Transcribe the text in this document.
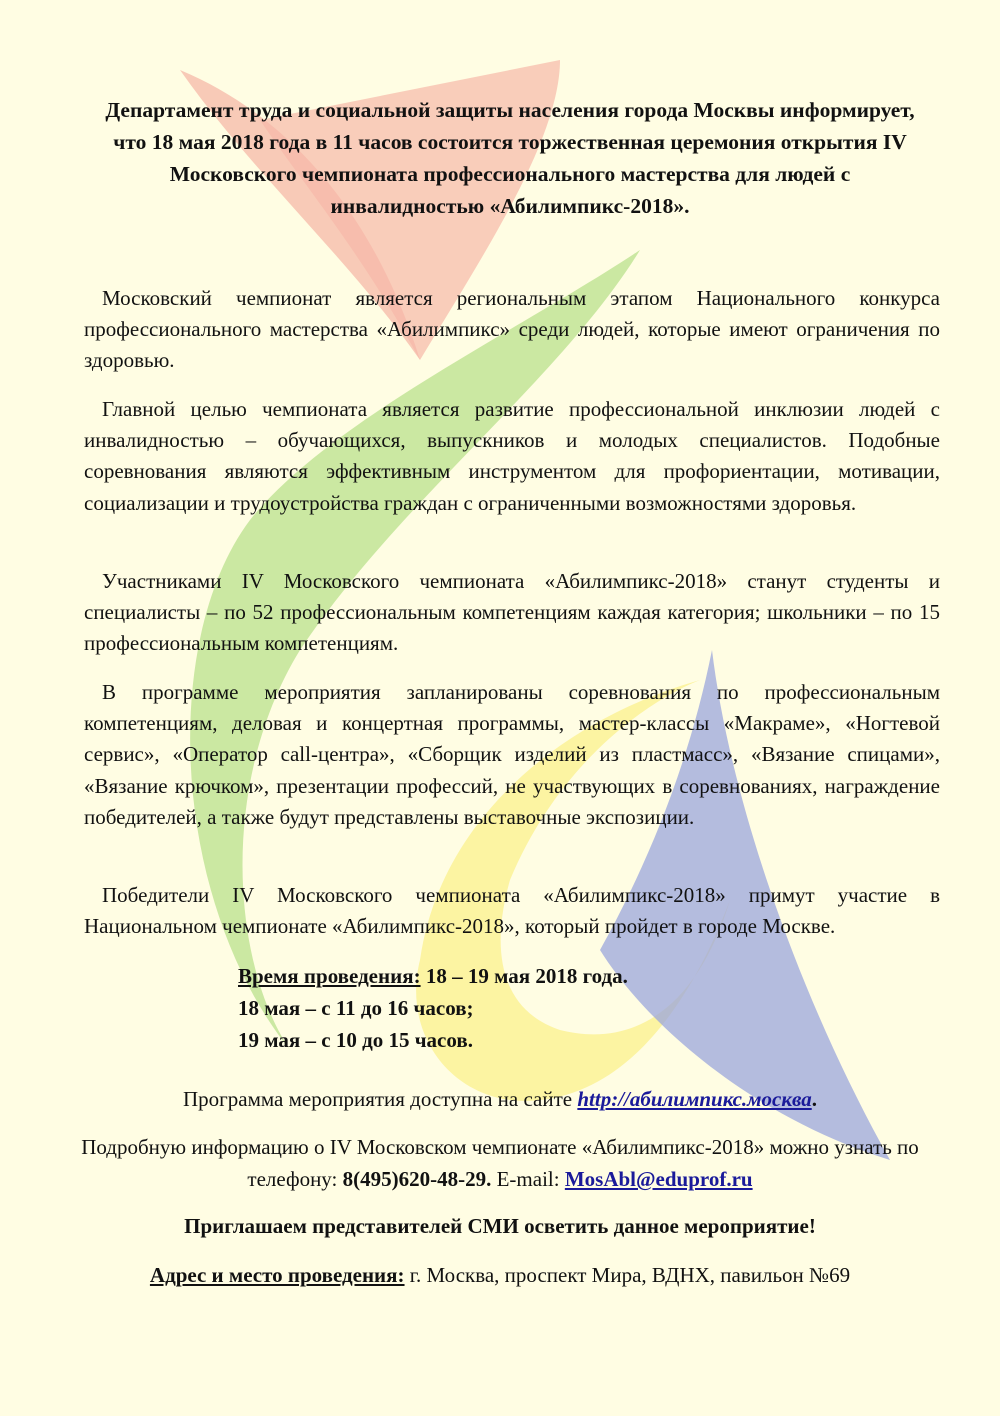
Департамент труда и социальной защиты населения города Москвы информирует, что 18 мая 2018 года в 11 часов состоится торжественная церемония открытия IV Московского чемпионата профессионального мастерства для людей с инвалидностью «Абилимпикс-2018».
Московский чемпионат является региональным этапом Национального конкурса профессионального мастерства «Абилимпикс» среди людей, которые имеют ограничения по здоровью.
Главной целью чемпионата является развитие профессиональной инклюзии людей с инвалидностью – обучающихся, выпускников и молодых специалистов. Подобные соревнования являются эффективным инструментом для профориентации, мотивации, социализации и трудоустройства граждан с ограниченными возможностями здоровья.
Участниками IV Московского чемпионата «Абилимпикс-2018» станут студенты и специалисты – по 52 профессиональным компетенциям каждая категория; школьники – по 15 профессиональным компетенциям.
В программе мероприятия запланированы соревнования по профессиональным компетенциям, деловая и концертная программы, мастер-классы «Макраме», «Ногтевой сервис», «Оператор call-центра», «Сборщик изделий из пластмасс», «Вязание спицами», «Вязание крючком», презентации профессий, не участвующих в соревнованиях, награждение победителей, а также будут представлены выставочные экспозиции.
Победители IV Московского чемпионата «Абилимпикс-2018» примут участие в Национальном чемпионате «Абилимпикс-2018», который пройдет в городе Москве.
Время проведения: 18 – 19 мая 2018 года.
18 мая – с 11 до 16 часов;
19 мая – с 10 до 15 часов.
Программа мероприятия доступна на сайте http://абилимпикс.москва.
Подробную информацию о IV Московском чемпионате «Абилимпикс-2018» можно узнать по телефону: 8(495)620-48-29. E-mail: MosAbl@eduprof.ru
Приглашаем представителей СМИ осветить данное мероприятие!
Адрес и место проведения: г. Москва, проспект Мира, ВДНХ, павильон №69
